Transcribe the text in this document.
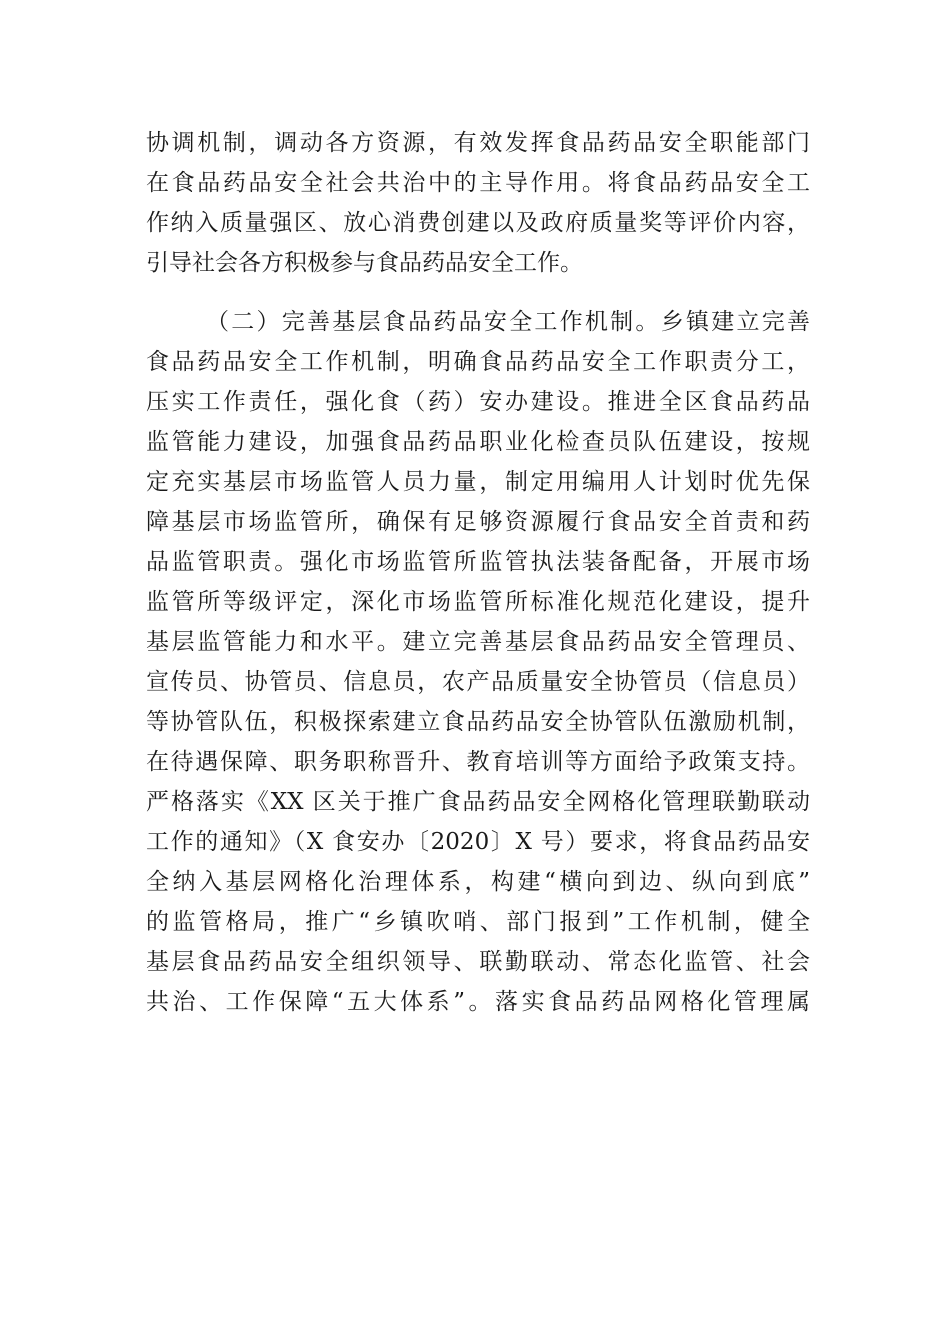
协调机制，调动各方资源，有效发挥食品药品安全职能部门
在食品药品安全社会共治中的主导作用。将食品药品安全工
作纳入质量强区、放心消费创建以及政府质量奖等评价内容，
引导社会各方积极参与食品药品安全工作。
（二）完善基层食品药品安全工作机制。乡镇建立完善
食品药品安全工作机制，明确食品药品安全工作职责分工，
压实工作责任，强化食（药）安办建设。推进全区食品药品
监管能力建设，加强食品药品职业化检查员队伍建设，按规
定充实基层市场监管人员力量，制定用编用人计划时优先保
障基层市场监管所，确保有足够资源履行食品安全首责和药
品监管职责。强化市场监管所监管执法装备配备，开展市场
监管所等级评定，深化市场监管所标准化规范化建设，提升
基层监管能力和水平。建立完善基层食品药品安全管理员、
宣传员、协管员、信息员，农产品质量安全协管员（信息员）
等协管队伍，积极探索建立食品药品安全协管队伍激励机制，
在待遇保障、职务职称晋升、教育培训等方面给予政策支持。
严格落实《XX 区关于推广食品药品安全网格化管理联勤联动
工作的通知》（X 食安办〔2020〕X 号）要求，将食品药品安
全纳入基层网格化治理体系，构建“横向到边、纵向到底”
的监管格局，推广“乡镇吹哨、部门报到”工作机制，健全
基层食品药品安全组织领导、联勤联动、常态化监管、社会
共治、工作保障“五大体系”。落实食品药品网格化管理属
